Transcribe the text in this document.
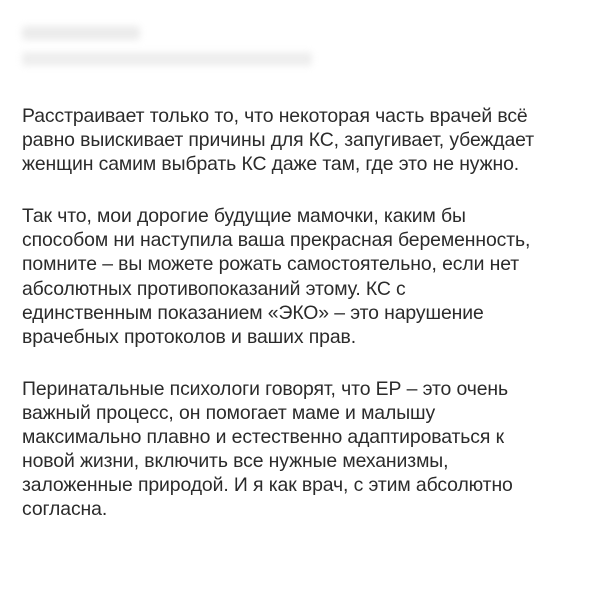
Расстраивает только то, что некоторая часть врачей всё
равно выискивает причины для КС, запугивает, убеждает
женщин самим выбрать КС даже там, где это не нужно.

Так что, мои дорогие будущие мамочки, каким бы
способом ни наступила ваша прекрасная беременность,
помните – вы можете рожать самостоятельно, если нет
абсолютных противопоказаний этому. КС с
единственным показанием «ЭКО» – это нарушение
врачебных протоколов и ваших прав.

Перинатальные психологи говорят, что ЕР – это очень
важный процесс, он помогает маме и малышу
максимально плавно и естественно адаптироваться к
новой жизни, включить все нужные механизмы,
заложенные природой. И я как врач, с этим абсолютно
согласна.
